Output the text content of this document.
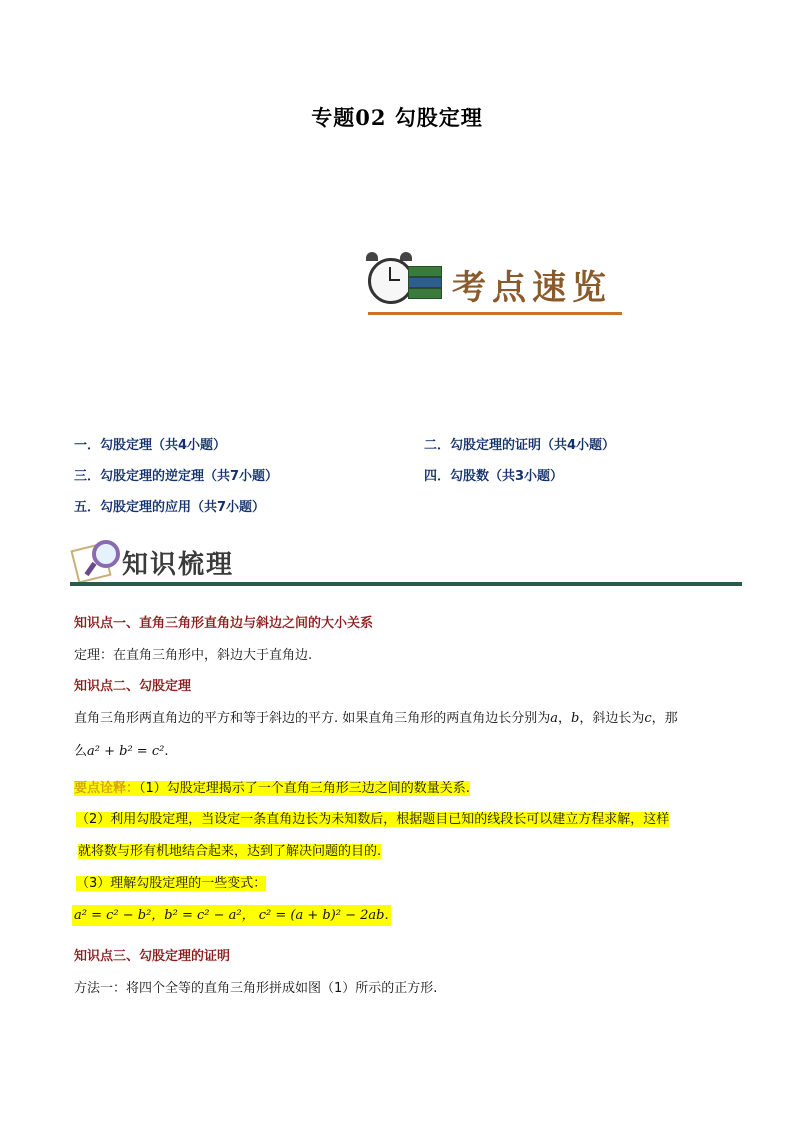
专题02 勾股定理
考点速览
一．勾股定理（共4小题）	二．勾股定理的证明（共4小题）
三．勾股定理的逆定理（共7小题）	四．勾股数（共3小题）
五．勾股定理的应用（共7小题）
知识梳理
知识点一、直角三角形直角边与斜边之间的大小关系
定理：在直角三角形中，斜边大于直角边.
知识点二、勾股定理
直角三角形两直角边的平方和等于斜边的平方. 如果直角三角形的两直角边长分别为a，b，斜边长为c，那
么a² + b² = c².
要点诠释：（1）勾股定理揭示了一个直角三角形三边之间的数量关系.
（2）利用勾股定理，当设定一条直角边长为未知数后，根据题目已知的线段长可以建立方程求解，这样
就将数与形有机地结合起来，达到了解决问题的目的.
（3）理解勾股定理的一些变式：
a² = c² − b²，b² = c² − a²， c² = (a + b)² − 2ab.
知识点三、勾股定理的证明
方法一：将四个全等的直角三角形拼成如图（1）所示的正方形.
